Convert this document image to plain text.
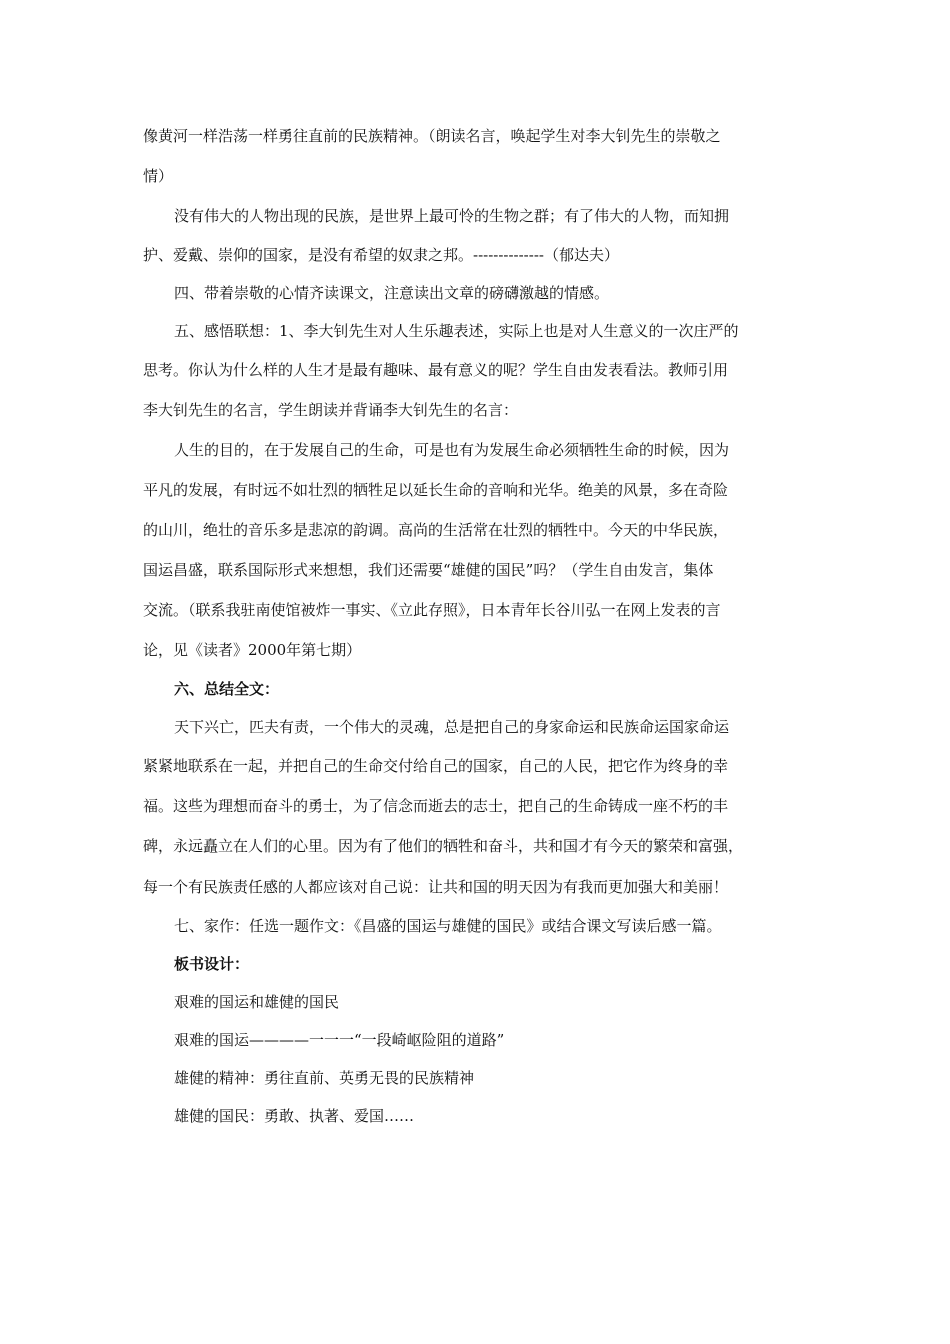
像黄河一样浩荡一样勇往直前的民族精神。（朗读名言，唤起学生对李大钊先生的崇敬之
情）
没有伟大的人物出现的民族，是世界上最可怜的生物之群；有了伟大的人物，而知拥
护、爱戴、崇仰的国家，是没有希望的奴隶之邦。--------------（郁达夫）
四、带着崇敬的心情齐读课文，注意读出文章的磅礴激越的情感。
五、感悟联想：1、李大钊先生对人生乐趣表述，实际上也是对人生意义的一次庄严的
思考。你认为什么样的人生才是最有趣味、最有意义的呢？学生自由发表看法。教师引用
李大钊先生的名言，学生朗读并背诵李大钊先生的名言：
人生的目的，在于发展自己的生命，可是也有为发展生命必须牺牲生命的时候，因为
平凡的发展，有时远不如壮烈的牺牲足以延长生命的音响和光华。绝美的风景，多在奇险
的山川，绝壮的音乐多是悲凉的韵调。高尚的生活常在壮烈的牺牲中。今天的中华民族，
国运昌盛，联系国际形式来想想，我们还需要“雄健的国民”吗？（学生自由发言，集体
交流。（联系我驻南使馆被炸一事实、《立此存照》，日本青年长谷川弘一在网上发表的言
论，见《读者》2000年第七期）
六、总结全文：
天下兴亡，匹夫有责，一个伟大的灵魂，总是把自己的身家命运和民族命运国家命运
紧紧地联系在一起，并把自己的生命交付给自己的国家，自己的人民，把它作为终身的幸
福。这些为理想而奋斗的勇士，为了信念而逝去的志士，把自己的生命铸成一座不朽的丰
碑，永远矗立在人们的心里。因为有了他们的牺牲和奋斗，共和国才有今天的繁荣和富强，
每一个有民族责任感的人都应该对自己说：让共和国的明天因为有我而更加强大和美丽！
七、家作：任选一题作文：《昌盛的国运与雄健的国民》或结合课文写读后感一篇。
板书设计：
艰难的国运和雄健的国民
艰难的国运————一一一“一段崎岖险阻的道路”
雄健的精神：勇往直前、英勇无畏的民族精神
雄健的国民：勇敢、执著、爱国……
